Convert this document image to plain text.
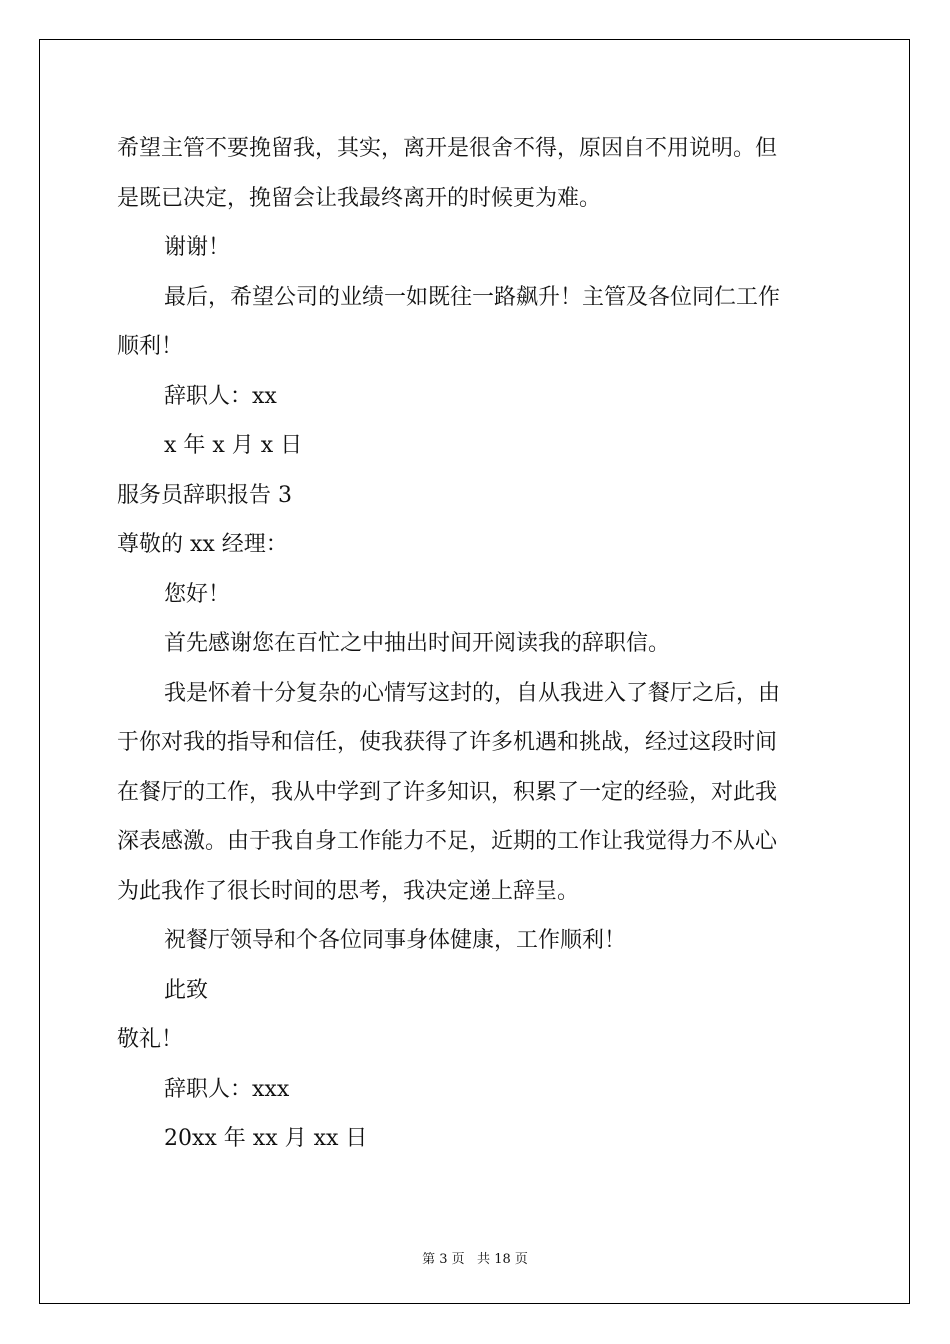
希望主管不要挽留我，其实，离开是很舍不得，原因自不用说明。但

是既已决定，挽留会让我最终离开的时候更为难。

谢谢！

最后，希望公司的业绩一如既往一路飙升！主管及各位同仁工作

顺利！

辞职人：xx

x 年 x 月 x 日

服务员辞职报告 3

尊敬的 xx 经理：

您好！

首先感谢您在百忙之中抽出时间开阅读我的辞职信。

我是怀着十分复杂的心情写这封的，自从我进入了餐厅之后，由

于你对我的指导和信任，使我获得了许多机遇和挑战，经过这段时间

在餐厅的工作，我从中学到了许多知识，积累了一定的经验，对此我

深表感激。由于我自身工作能力不足，近期的工作让我觉得力不从心

为此我作了很长时间的思考，我决定递上辞呈。

祝餐厅领导和个各位同事身体健康，工作顺利！

此致

敬礼！

辞职人：xxx

20xx 年 xx 月 xx 日

第 3 页   共 18 页
